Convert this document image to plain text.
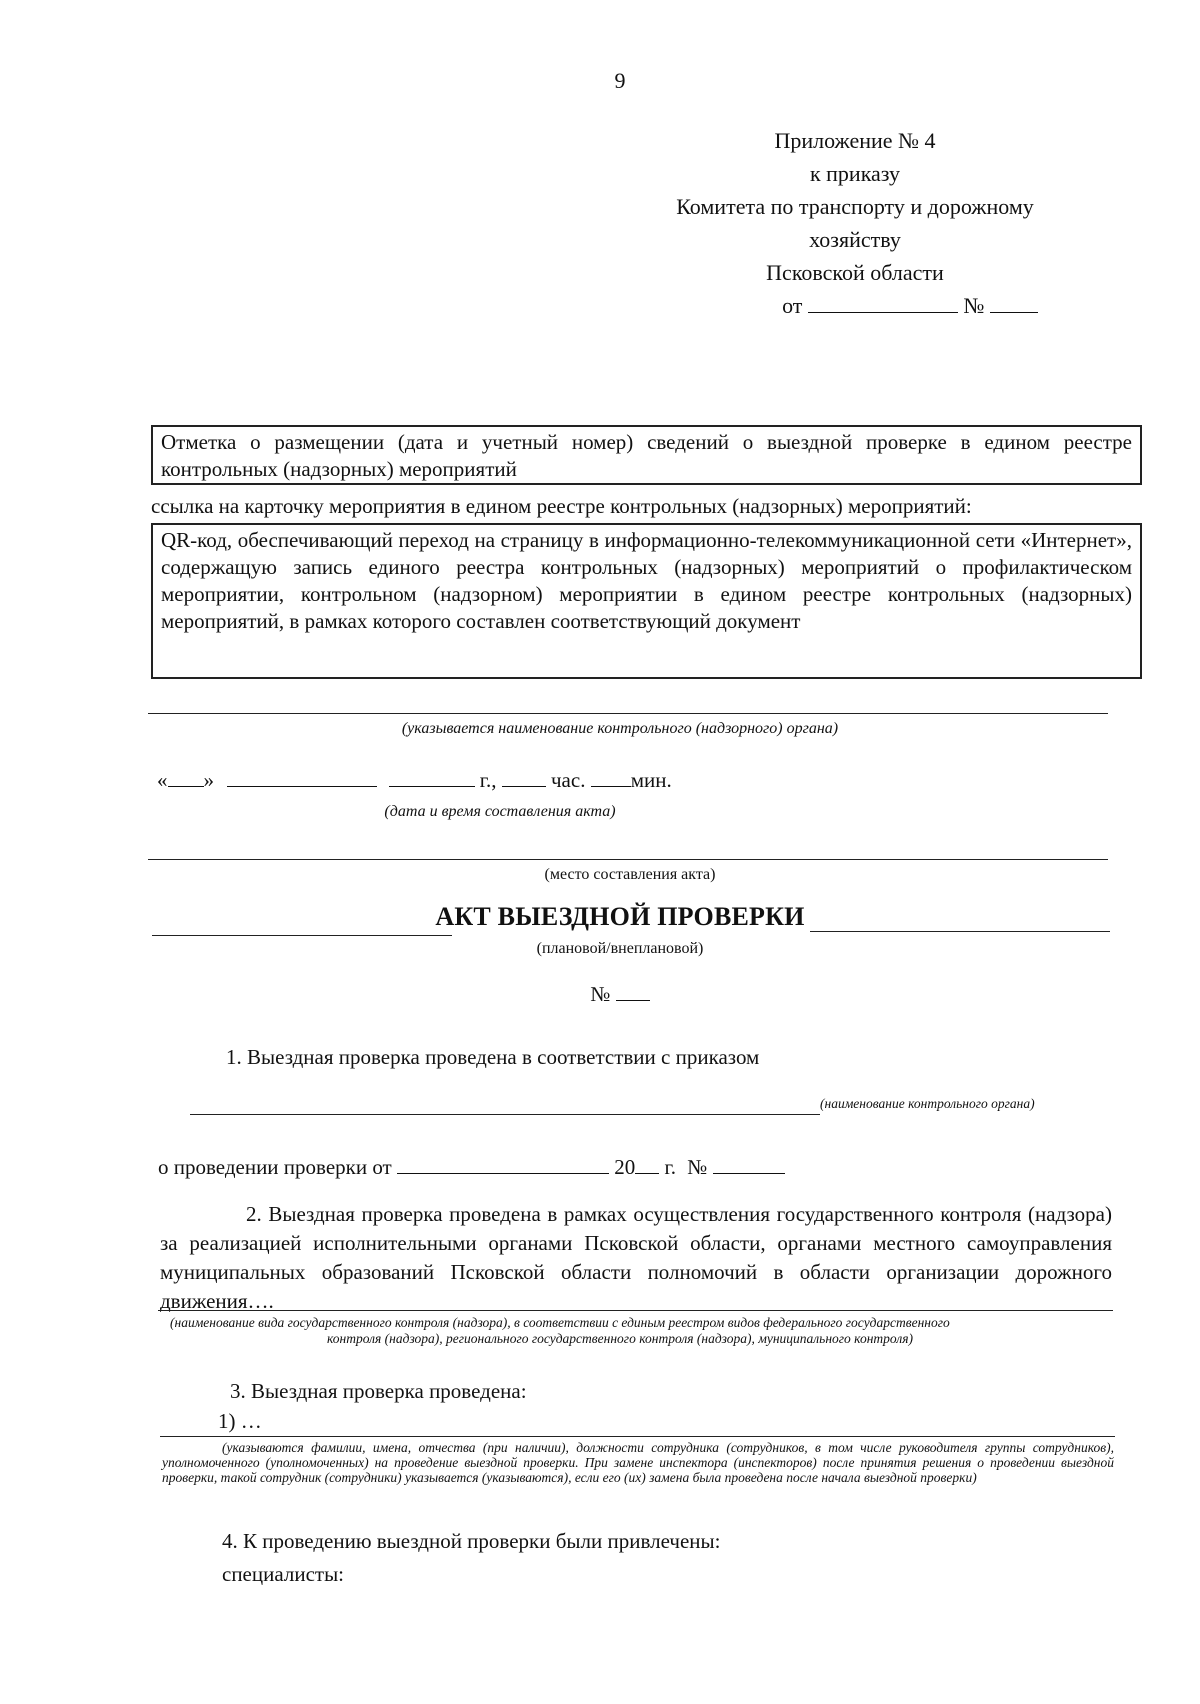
9
Приложение № 4
к приказу
Комитета по транспорту и дорожному
хозяйству
Псковской области
от	№
Отметка о размещении (дата и учетный номер) сведений о выездной проверке в едином реестре контрольных (надзорных) мероприятий
ссылка на карточку мероприятия в едином реестре контрольных (надзорных) мероприятий:
QR-код, обеспечивающий переход на страницу в информационно-телекоммуникационной сети «Интернет», содержащую запись единого реестра контрольных (надзорных) мероприятий о профилактическом мероприятии, контрольном (надзорном) мероприятии в едином реестре контрольных (надзорных) мероприятий, в рамках которого составлен соответствующий документ
(указывается наименование контрольного (надзорного) органа)
« »	г.,	час. мин.
(дата и время составления акта)
(место составления акта)
АКТ ВЫЕЗДНОЙ ПРОВЕРКИ
(плановой/внеплановой)
№
1. Выездная проверка проведена в соответствии с приказом
(наименование контрольного органа)
о проведении проверки от	20 г. №
2. Выездная проверка проведена в рамках осуществления государственного контроля (надзора) за реализацией исполнительными органами Псковской области, органами местного самоуправления муниципальных образований Псковской области полномочий в области организации дорожного движения….
(наименование вида государственного контроля (надзора), в соответствии с единым реестром видов федерального государственного
контроля (надзора), регионального государственного контроля (надзора), муниципального контроля)
3. Выездная проверка проведена:
1) …
(указываются фамилии, имена, отчества (при наличии), должности сотрудника (сотрудников, в том числе руководителя группы сотрудников), уполномоченного (уполномоченных) на проведение выездной проверки. При замене инспектора (инспекторов) после принятия решения о проведении выездной проверки, такой сотрудник (сотрудники) указывается (указываются), если его (их) замена была проведена после начала выездной проверки)
4. К проведению выездной проверки были привлечены:
специалисты:
